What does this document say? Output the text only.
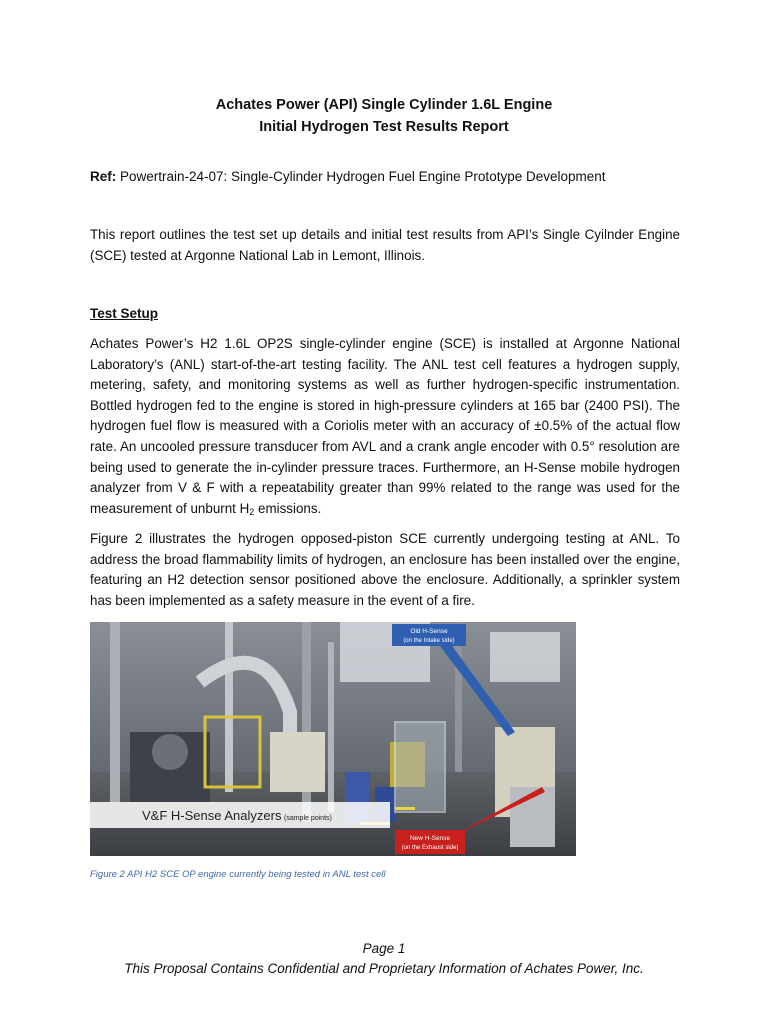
Achates Power (API) Single Cylinder 1.6L Engine
Initial Hydrogen Test Results Report
Ref: Powertrain-24-07: Single-Cylinder Hydrogen Fuel Engine Prototype Development
This report outlines the test set up details and initial test results from API’s Single Cyilnder Engine (SCE) tested at Argonne National Lab in Lemont, Illinois.
Test Setup
Achates Power’s H2 1.6L OP2S single-cylinder engine (SCE) is installed at Argonne National Laboratory’s (ANL) start-of-the-art testing facility. The ANL test cell features a hydrogen supply, metering, safety, and monitoring systems as well as further hydrogen-specific instrumentation. Bottled hydrogen fed to the engine is stored in high-pressure cylinders at 165 bar (2400 PSI). The hydrogen fuel flow is measured with a Coriolis meter with an accuracy of ±0.5% of the actual flow rate. An uncooled pressure transducer from AVL and a crank angle encoder with 0.5° resolution are being used to generate the in-cylinder pressure traces. Furthermore, an H-Sense mobile hydrogen analyzer from V & F with a repeatability greater than 99% related to the range was used for the measurement of unburnt $H_2$ emissions.
Figure 2 illustrates the hydrogen opposed-piston SCE currently undergoing testing at ANL. To address the broad flammability limits of hydrogen, an enclosure has been installed over the engine, featuring an H2 detection sensor positioned above the enclosure. Additionally, a sprinkler system has been implemented as a safety measure in the event of a fire.
Old H-Sense
(on the Intake side)
New H-Sense
(on the Exhaust side)
V&F H-Sense Analyzers (sample points)
Figure 2 API H2 SCE OP engine currently being tested in ANL test cell
Page 1
This Proposal Contains Confidential and Proprietary Information of Achates Power, Inc.
